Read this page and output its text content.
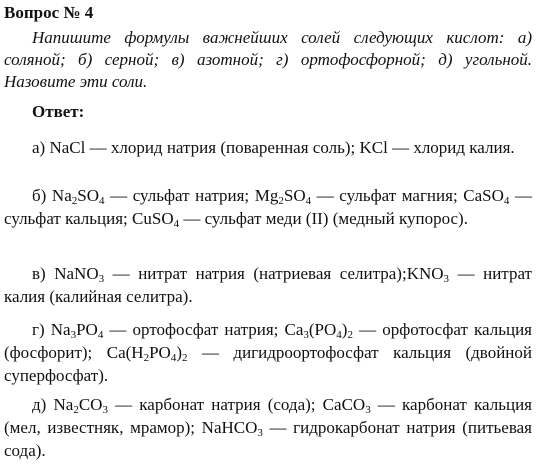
Вопрос № 4

Напишите формулы важнейших солей следующих кислот: а) соляной; б) серной; в) азотной; г) ортофосфорной; д) угольной. Назовите эти соли.

Ответ:

а) NaCl — хлорид натрия (поваренная соль); KCl — хлорид калия.

б) $Na_2SO_4$ — сульфат натрия; $Mg_2SO_4$ — сульфат магния; CaSO$_4$ — сульфат кальция; CuSO$_4$ — сульфат меди (II) (медный купорос).

в) NaNO$_3$ — нитрат натрия (натриевая $селитра);KNO_3$ — нитрат калия (калийная селитра).

г) $Na_3PO_4$ — ортофосфат натрия; $Ca_3(PO_4)_2$ — орфотосфат кальция (фосфорит); $Ca(H_2PO_4)_2$ — дигидроортофосфат кальция (двойной суперфосфат).

д) $Na_2CO_3$ — карбонат натрия (сода); CaCO$_3$ — карбонат кальция (мел, известняк, мрамор); NaHCO$_3$ — гидрокарбонат натрия (питьевая сода).
